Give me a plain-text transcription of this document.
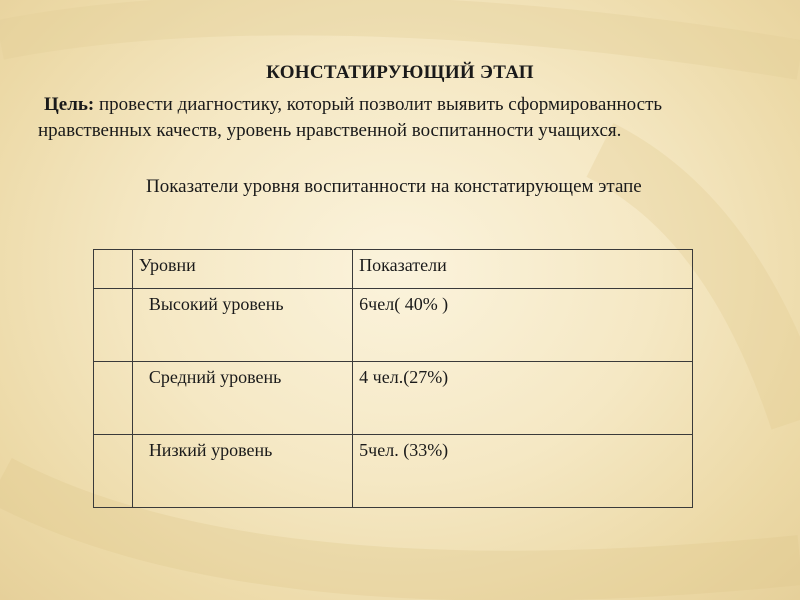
КОНСТАТИРУЮЩИЙ ЭТАП
Цель: провести диагностику, который позволит выявить сформированность
нравственных качеств, уровень нравственной воспитанности учащихся.
Показатели уровня воспитанности на констатирующем этапе

	Уровни	Показатели

	Высокий уровень	6чел( 40% )

	Средний уровень	4 чел.(27%)

	Низкий уровень	5чел. (33%)
